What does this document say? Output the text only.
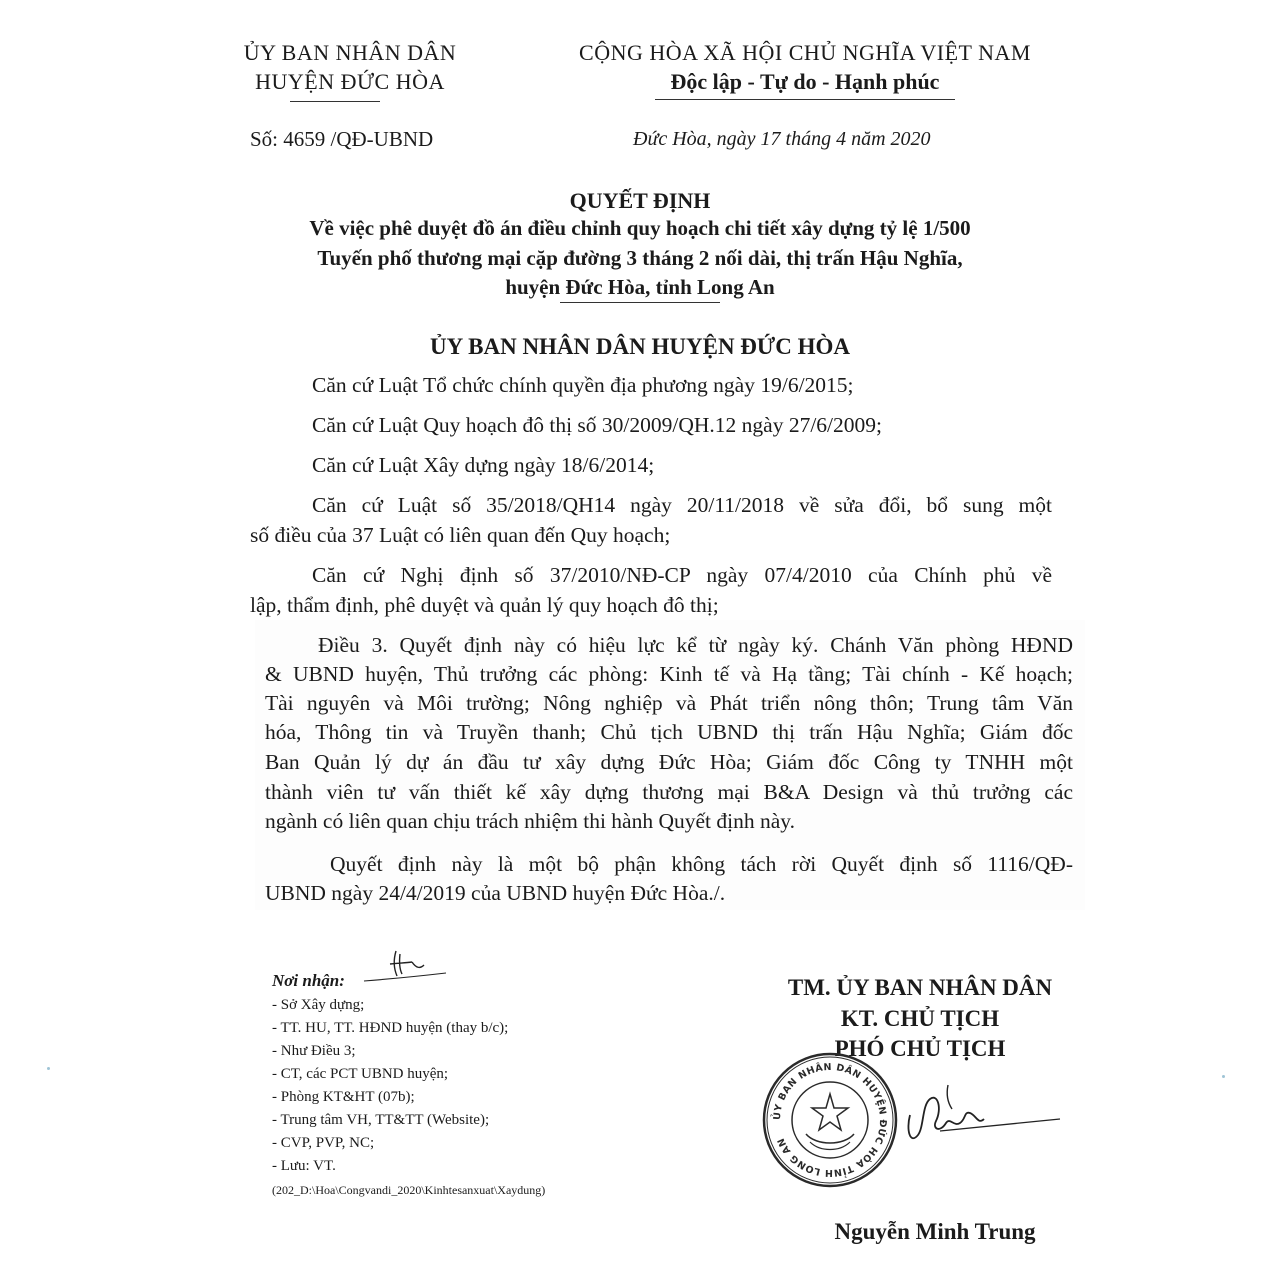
ỦY BAN NHÂN DÂN
HUYỆN ĐỨC HÒA
CỘNG HÒA XÃ HỘI CHỦ NGHĨA VIỆT NAM
Độc lập - Tự do - Hạnh phúc
Số: 4659 /QĐ-UBND	Đức Hòa, ngày 17 tháng 4 năm 2020
QUYẾT ĐỊNH
Về việc phê duyệt đồ án điều chỉnh quy hoạch chi tiết xây dựng tỷ lệ 1/500
Tuyến phố thương mại cặp đường 3 tháng 2 nối dài, thị trấn Hậu Nghĩa,
huyện Đức Hòa, tỉnh Long An
ỦY BAN NHÂN DÂN HUYỆN ĐỨC HÒA
Căn cứ Luật Tổ chức chính quyền địa phương ngày 19/6/2015;
Căn cứ Luật Quy hoạch đô thị số 30/2009/QH.12 ngày 27/6/2009;
Căn cứ Luật Xây dựng ngày 18/6/2014;
Căn cứ Luật số 35/2018/QH14 ngày 20/11/2018 về sửa đổi, bổ sung một
số điều của 37 Luật có liên quan đến Quy hoạch;
Căn cứ Nghị định số 37/2010/NĐ-CP ngày 07/4/2010 của Chính phủ về
lập, thẩm định, phê duyệt và quản lý quy hoạch đô thị;
Điều 3. Quyết định này có hiệu lực kể từ ngày ký. Chánh Văn phòng HĐND
& UBND huyện, Thủ trưởng các phòng: Kinh tế và Hạ tầng; Tài chính - Kế hoạch;
Tài nguyên và Môi trường; Nông nghiệp và Phát triển nông thôn; Trung tâm Văn
hóa, Thông tin và Truyền thanh; Chủ tịch UBND thị trấn Hậu Nghĩa; Giám đốc
Ban Quản lý dự án đầu tư xây dựng Đức Hòa; Giám đốc Công ty TNHH một
thành viên tư vấn thiết kế xây dựng thương mại B&A Design và thủ trưởng các
ngành có liên quan chịu trách nhiệm thi hành Quyết định này.
Quyết định này là một bộ phận không tách rời Quyết định số 1116/QĐ-
UBND ngày 24/4/2019 của UBND huyện Đức Hòa./.
Nơi nhận:
- Sở Xây dựng;
- TT. HU, TT. HĐND huyện (thay b/c);
- Như Điều 3;
- CT, các PCT UBND huyện;
- Phòng KT&HT (07b);
- Trung tâm VH, TT&TT (Website);
- CVP, PVP, NC;
- Lưu: VT.
(202_D:\Hoa\Congvandi_2020\Kinhtesanxuat\Xaydung)
TM. ỦY BAN NHÂN DÂN
KT. CHỦ TỊCH
PHÓ CHỦ TỊCH
ỦY BAN NHÂN DÂN HUYỆN ĐỨC HÒA TỈNH LONG AN
Nguyễn Minh Trung
